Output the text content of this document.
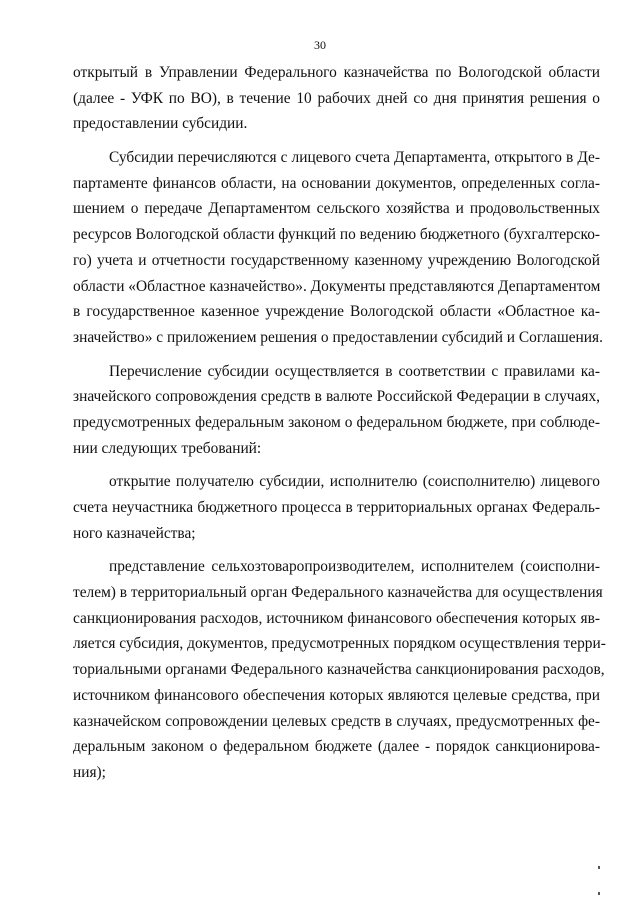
30
открытый в Управлении Федерального казначейства по Вологодской области
(далее - УФК по ВО), в течение 10 рабочих дней со дня принятия решения о
предоставлении субсидии.
Субсидии перечисляются с лицевого счета Департамента, открытого в Де-
партаменте финансов области, на основании документов, определенных согла-
шением о передаче Департаментом сельского хозяйства и продовольственных
ресурсов Вологодской области функций по ведению бюджетного (бухгалтерско-
го) учета и отчетности государственному казенному учреждению Вологодской
области «Областное казначейство». Документы представляются Департаментом
в государственное казенное учреждение Вологодской области «Областное ка-
значейство» с приложением решения о предоставлении субсидий и Соглашения.
Перечисление субсидии осуществляется в соответствии с правилами ка-
значейского сопровождения средств в валюте Российской Федерации в случаях,
предусмотренных федеральным законом о федеральном бюджете, при соблюде-
нии следующих требований:
открытие получателю субсидии, исполнителю (соисполнителю) лицевого
счета неучастника бюджетного процесса в территориальных органах Федераль-
ного казначейства;
представление сельхозтоваропроизводителем, исполнителем (соисполни-
телем) в территориальный орган Федерального казначейства для осуществления
санкционирования расходов, источником финансового обеспечения которых яв-
ляется субсидия, документов, предусмотренных порядком осуществления терри-
ториальными органами Федерального казначейства санкционирования расходов,
источником финансового обеспечения которых являются целевые средства, при
казначейском сопровождении целевых средств в случаях, предусмотренных фе-
деральным законом о федеральном бюджете (далее - порядок санкционирова-
ния);
